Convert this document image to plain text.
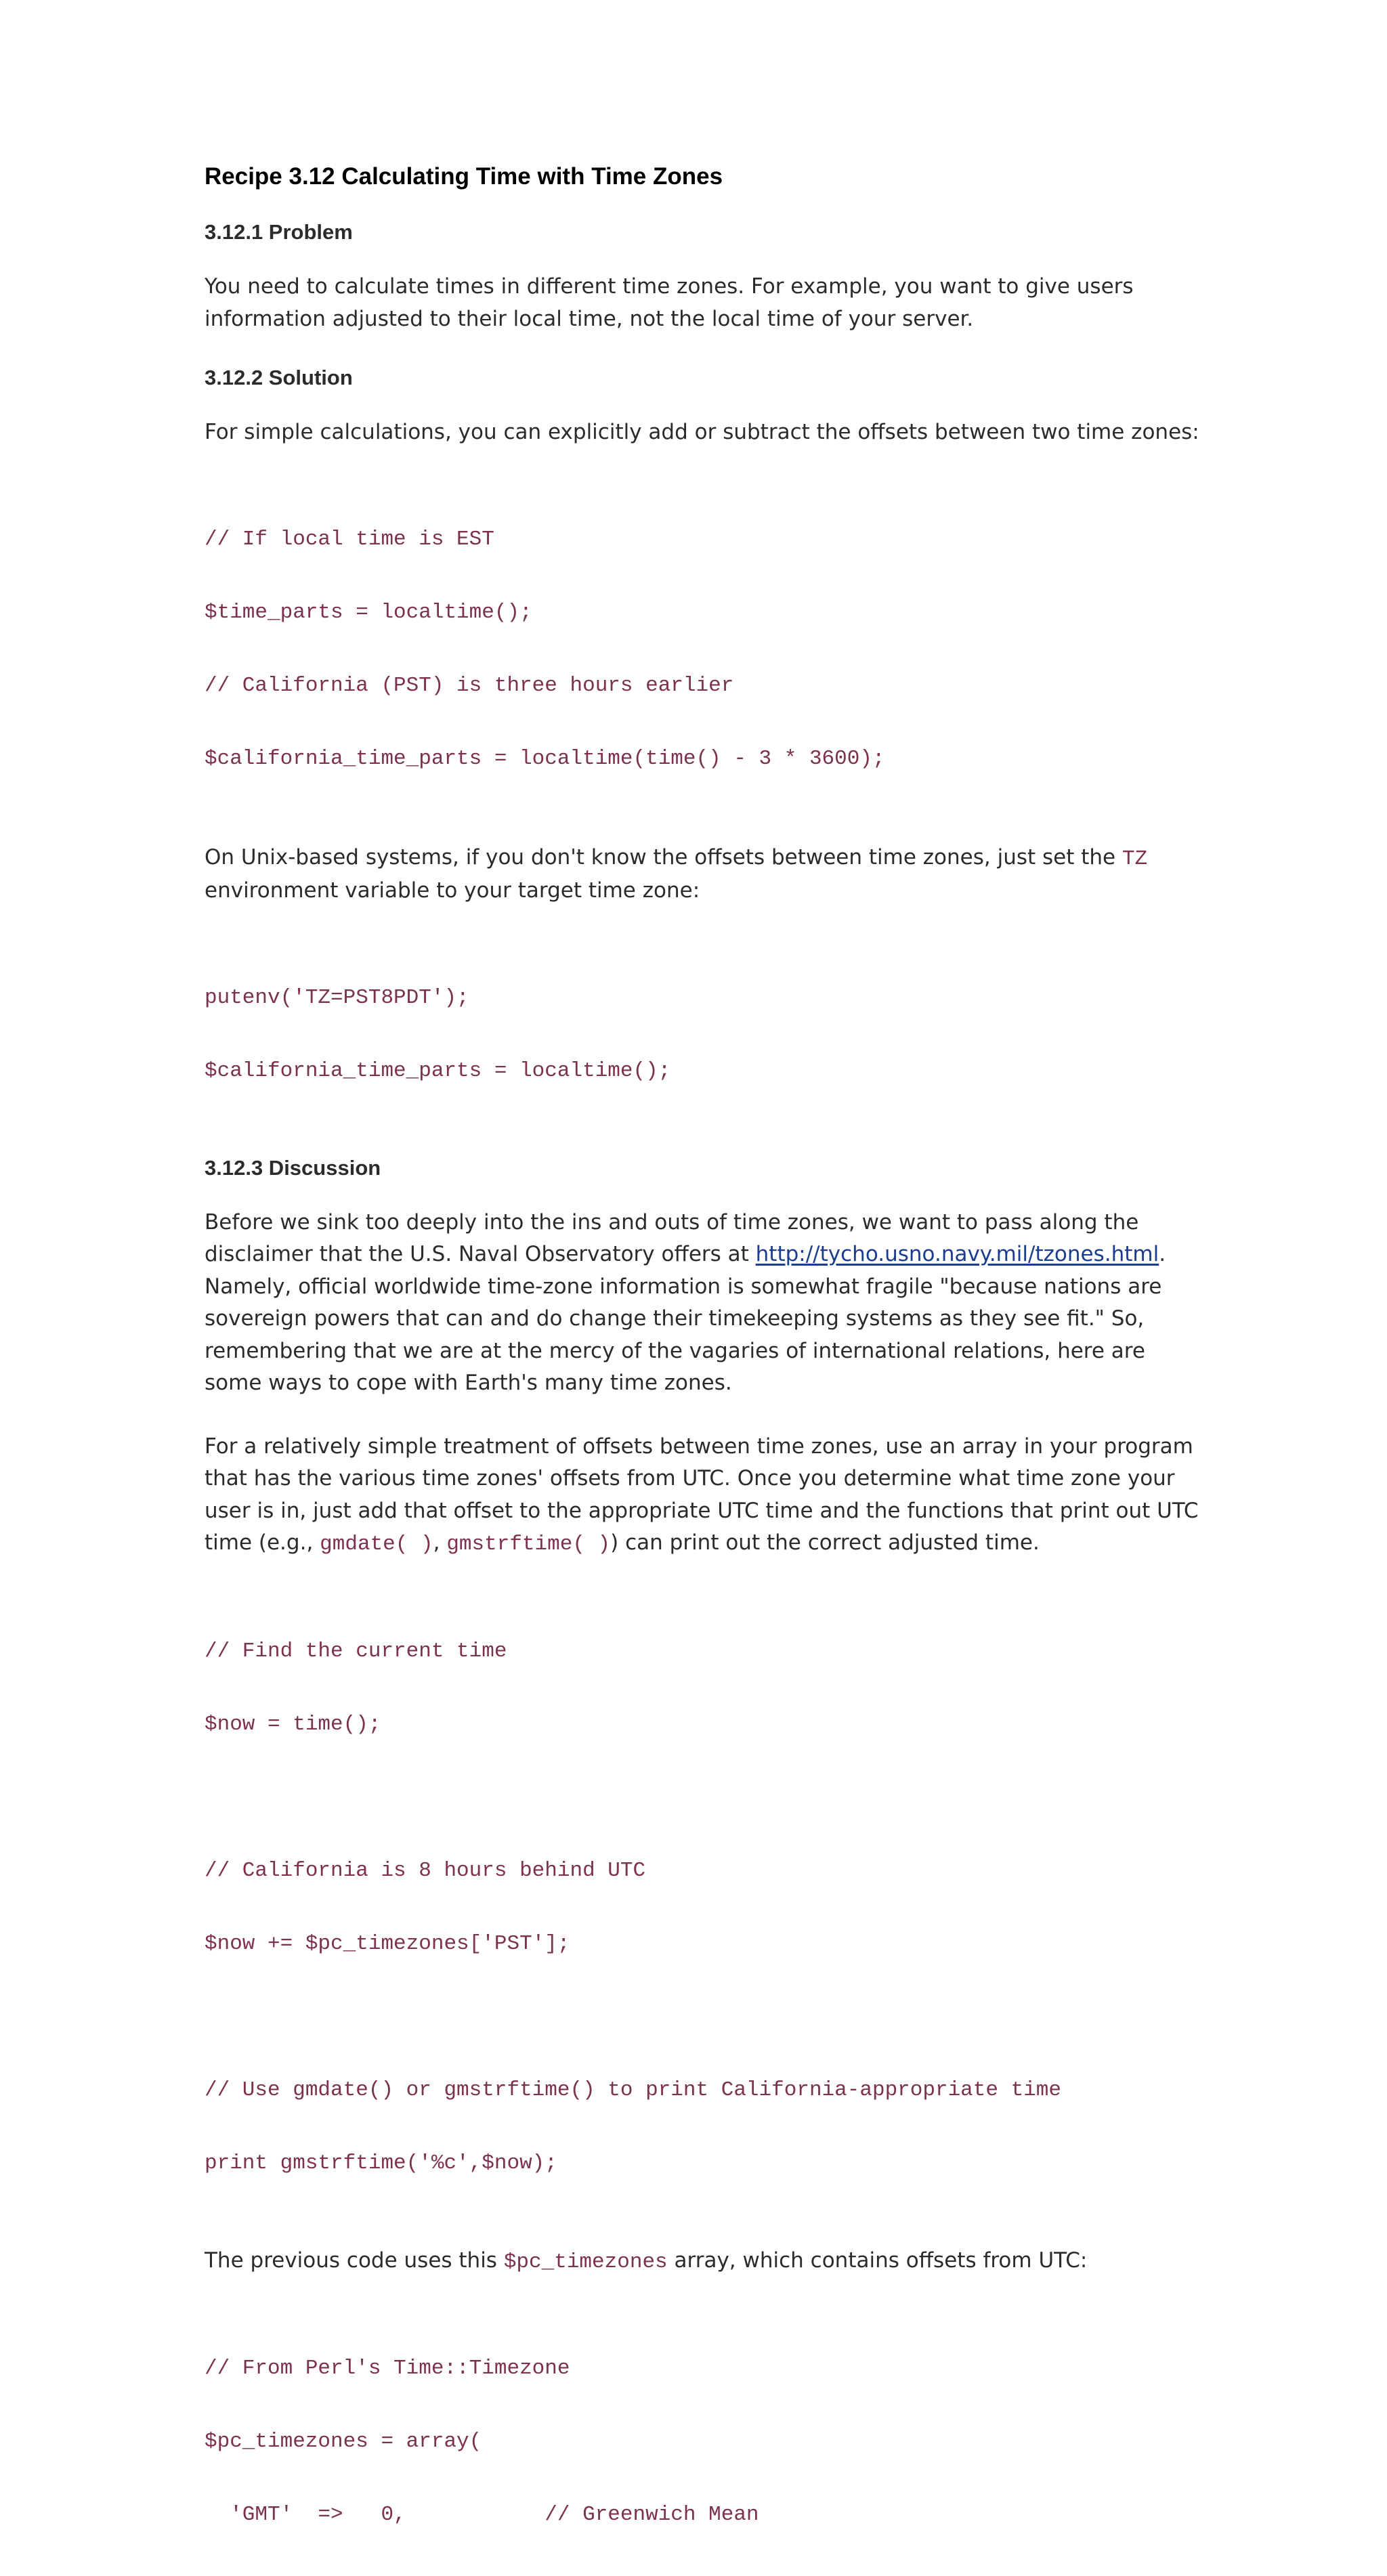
Recipe 3.12 Calculating Time with Time Zones
3.12.1 Problem

You need to calculate times in different time zones. For example, you want to give users
information adjusted to their local time, not the local time of your server.

3.12.2 Solution

For simple calculations, you can explicitly add or subtract the offsets between two time zones:

// If local time is EST

$time_parts = localtime();

// California (PST) is three hours earlier

$california_time_parts = localtime(time() - 3 * 3600);

On Unix-based systems, if you don't know the offsets between time zones, just set the TZ
environment variable to your target time zone:

putenv('TZ=PST8PDT');

$california_time_parts = localtime();

3.12.3 Discussion

Before we sink too deeply into the ins and outs of time zones, we want to pass along the
disclaimer that the U.S. Naval Observatory offers at http://tycho.usno.navy.mil/tzones.html.
Namely, official worldwide time-zone information is somewhat fragile "because nations are
sovereign powers that can and do change their timekeeping systems as they see fit." So,
remembering that we are at the mercy of the vagaries of international relations, here are
some ways to cope with Earth's many time zones.

For a relatively simple treatment of offsets between time zones, use an array in your program
that has the various time zones' offsets from UTC. Once you determine what time zone your
user is in, just add that offset to the appropriate UTC time and the functions that print out UTC
time (e.g., gmdate( ), gmstrftime( )) can print out the correct adjusted time.

// Find the current time

$now = time();

// California is 8 hours behind UTC

$now += $pc_timezones['PST'];

// Use gmdate() or gmstrftime() to print California-appropriate time

print gmstrftime('%c',$now);

The previous code uses this $pc_timezones array, which contains offsets from UTC:

// From Perl's Time::Timezone

$pc_timezones = array(

'GMT'  =>   0,           // Greenwich Mean
